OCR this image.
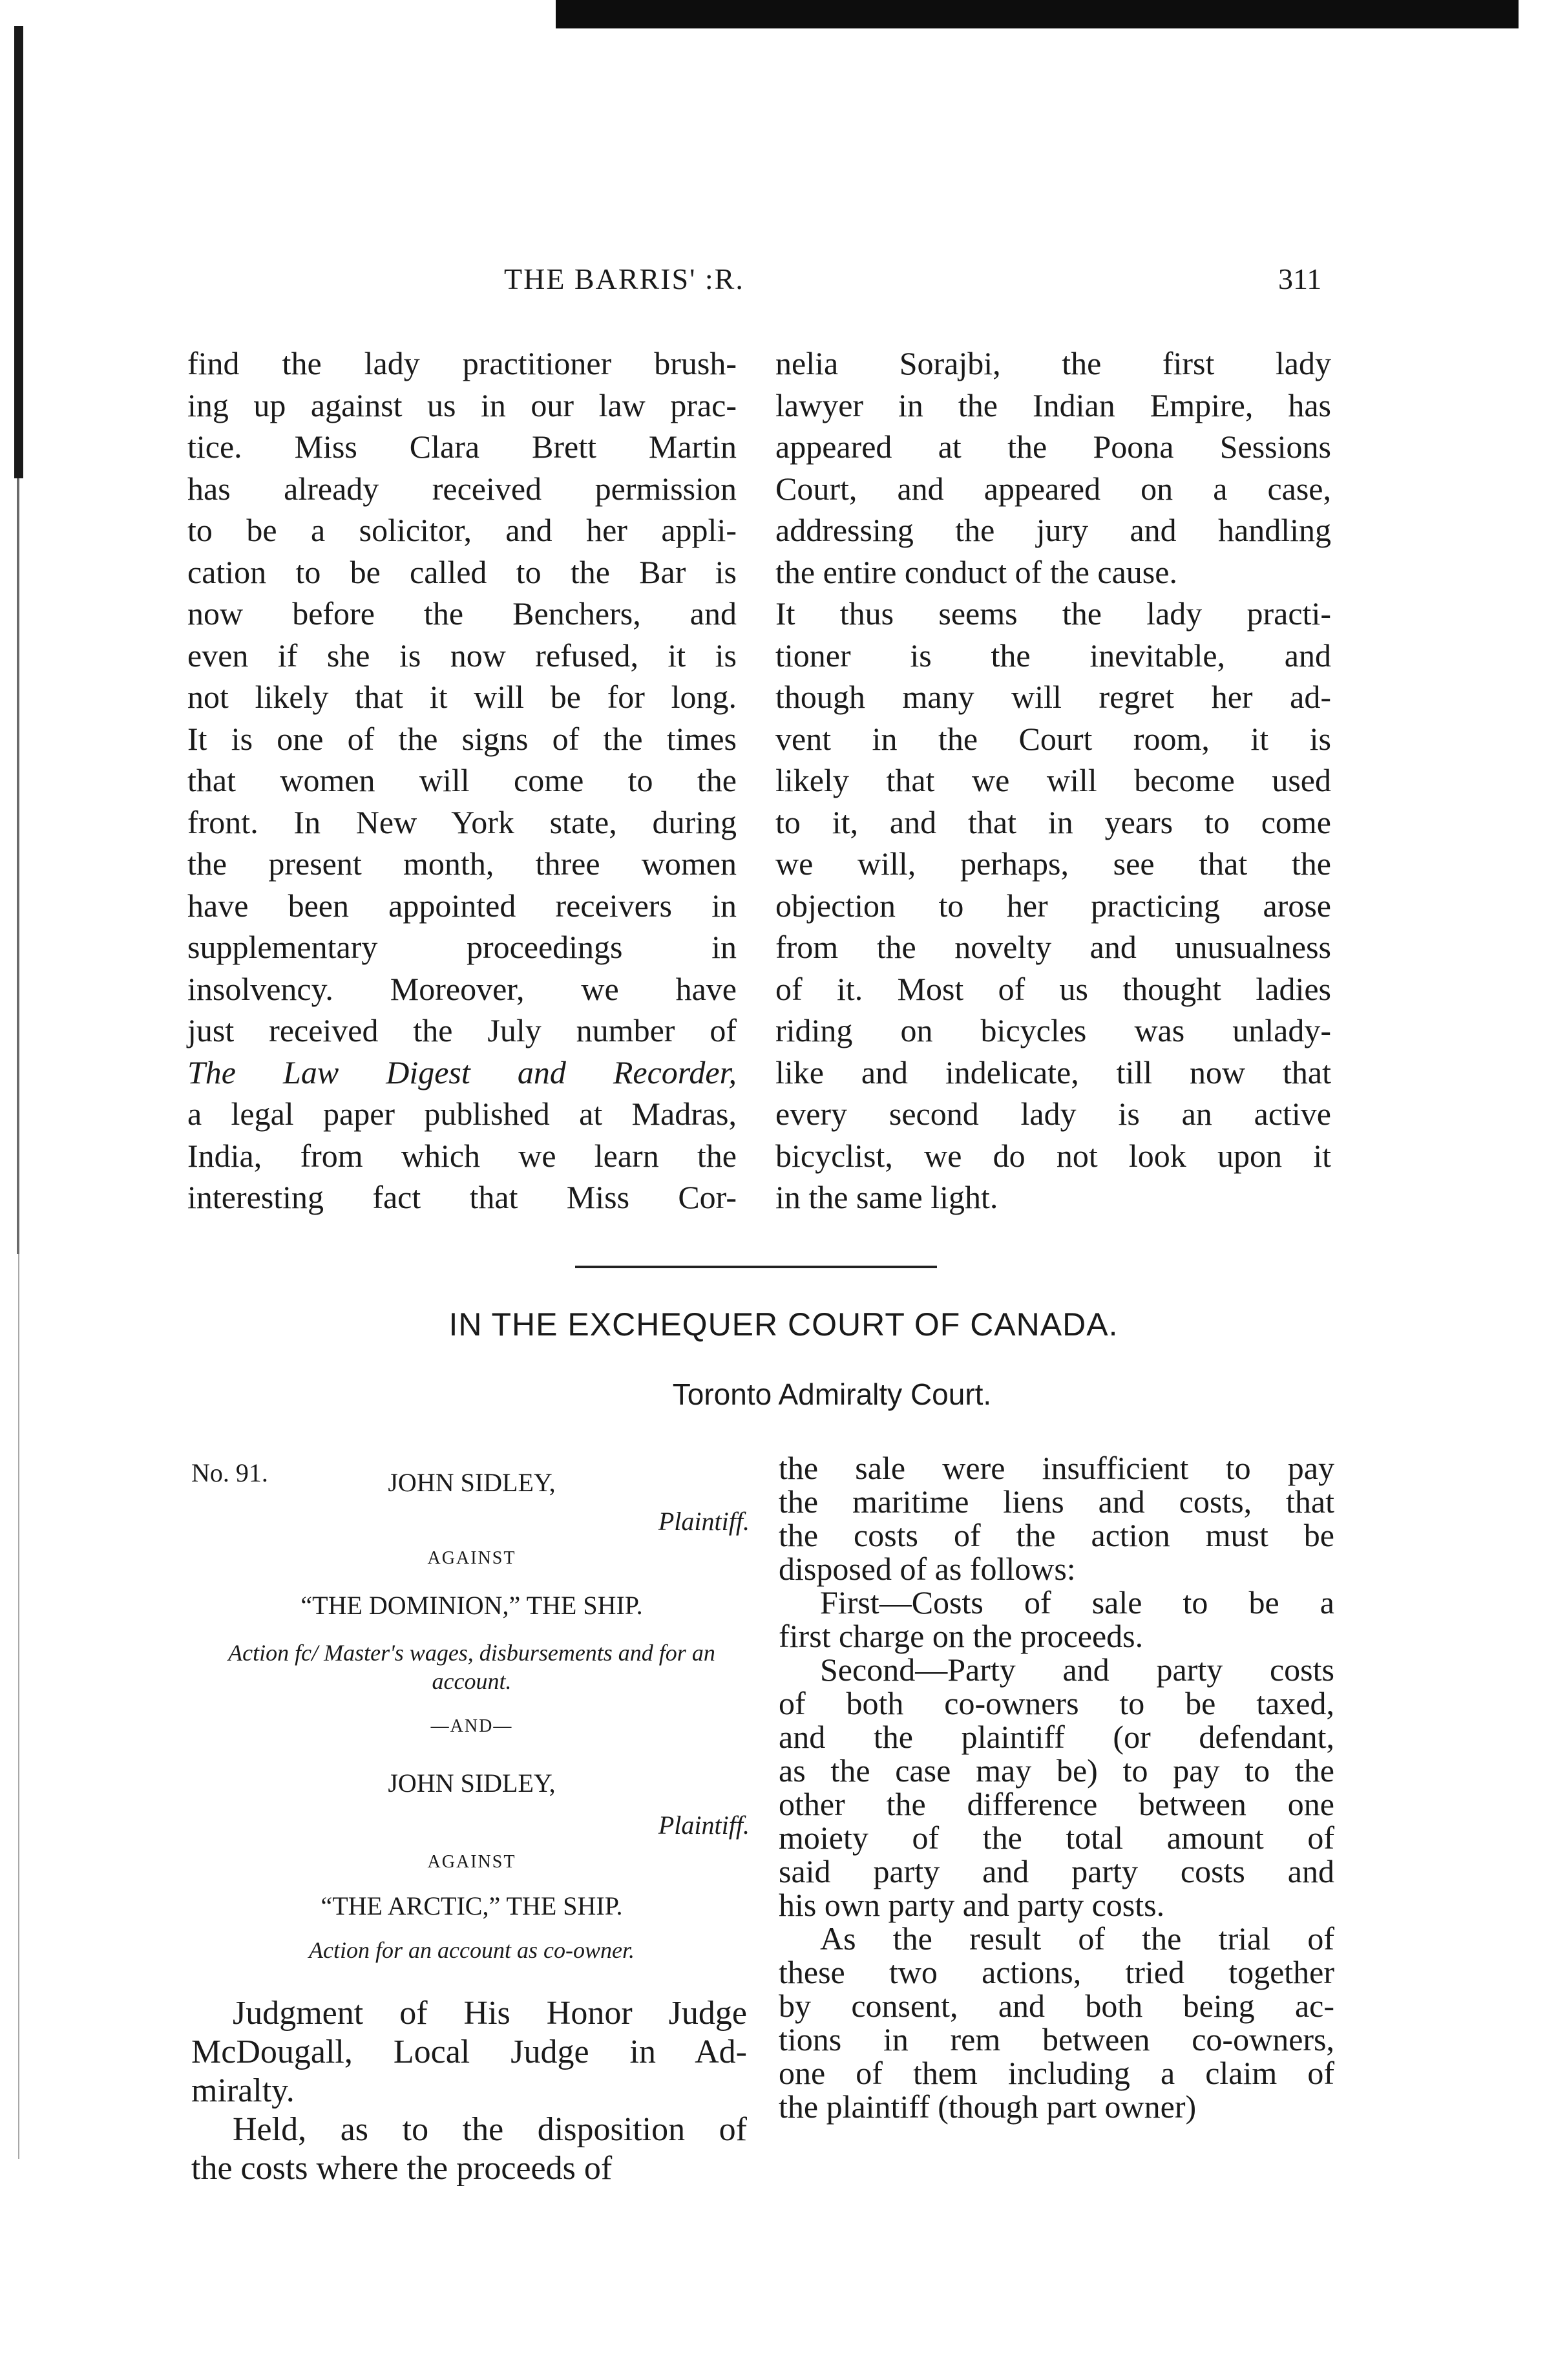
THE BARRIS' :R.	311
find the lady practitioner brush-
ing up against us in our law prac-
tice. Miss Clara Brett Martin
has already received permission
to be a solicitor, and her appli-
cation to be called to the Bar is
now before the Benchers, and
even if she is now refused, it is
not likely that it will be for long.
It is one of the signs of the times
that women will come to the
front. In New York state, during
the present month, three women
have been appointed receivers in
supplementary proceedings in
insolvency. Moreover, we have
just received the July number of
The Law Digest and Recorder,
a legal paper published at Madras,
India, from which we learn the
interesting fact that Miss Cor-
nelia Sorajbi, the first lady
lawyer in the Indian Empire, has
appeared at the Poona Sessions
Court, and appeared on a case,
addressing the jury and handling
the entire conduct of the cause.
It thus seems the lady practi-
tioner is the inevitable, and
though many will regret her ad-
vent in the Court room, it is
likely that we will become used
to it, and that in years to come
we will, perhaps, see that the
objection to her practicing arose
from the novelty and unusualness
of it. Most of us thought ladies
riding on bicycles was unlady-
like and indelicate, till now that
every second lady is an active
bicyclist, we do not look upon it
in the same light.
IN THE EXCHEQUER COURT OF CANADA.
Toronto Admiralty Court.
No. 91.	JOHN SIDLEY,
Plaintiff.
AGAINST
“THE DOMINION,” THE SHIP.
Action fc/ Master's wages, disbursements and for an account.
—AND—
JOHN SIDLEY,
Plaintiff.
AGAINST
“THE ARCTIC,” THE SHIP.
Action for an account as co-owner.
Judgment of His Honor Judge
McDougall, Local Judge in Ad-
miralty.
Held, as to the disposition of
the costs where the proceeds of
the sale were insufficient to pay
the maritime liens and costs, that
the costs of the action must be
disposed of as follows:
First—Costs of sale to be a
first charge on the proceeds.
Second—Party and party costs
of both co-owners to be taxed,
and the plaintiff (or defendant,
as the case may be) to pay to the
other the difference between one
moiety of the total amount of
said party and party costs and
his own party and party costs.
As the result of the trial of
these two actions, tried together
by consent, and both being ac-
tions in rem between co-owners,
one of them including a claim of
the plaintiff (though part owner)
